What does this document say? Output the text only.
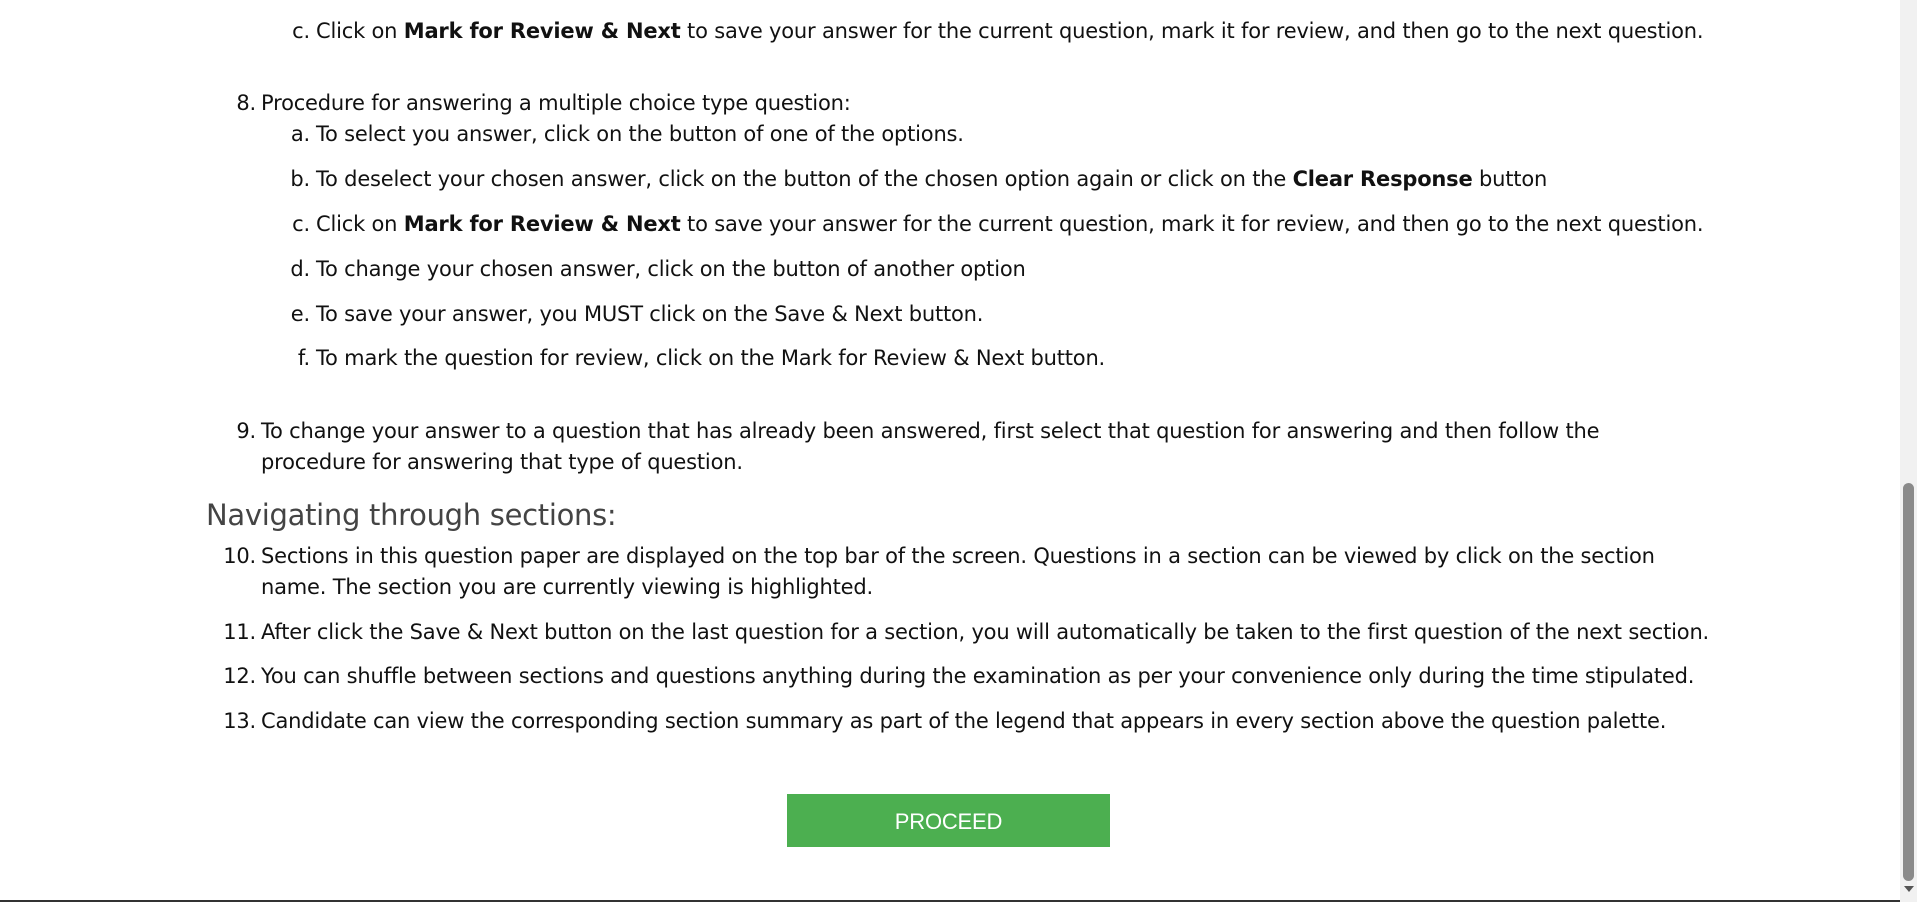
c. Click on Mark for Review & Next to save your answer for the current question, mark it for review, and then go to the next question.
8. Procedure for answering a multiple choice type question:
a. To select you answer, click on the button of one of the options.
b. To deselect your chosen answer, click on the button of the chosen option again or click on the Clear Response button
c. Click on Mark for Review & Next to save your answer for the current question, mark it for review, and then go to the next question.
d. To change your chosen answer, click on the button of another option
e. To save your answer, you MUST click on the Save & Next button.
f. To mark the question for review, click on the Mark for Review & Next button.
9. To change your answer to a question that has already been answered, first select that question for answering and then follow the
procedure for answering that type of question.
Navigating through sections:
10. Sections in this question paper are displayed on the top bar of the screen. Questions in a section can be viewed by click on the section
name. The section you are currently viewing is highlighted.
11. After click the Save & Next button on the last question for a section, you will automatically be taken to the first question of the next section.
12. You can shuffle between sections and questions anything during the examination as per your convenience only during the time stipulated.
13. Candidate can view the corresponding section summary as part of the legend that appears in every section above the question palette.
PROCEED
